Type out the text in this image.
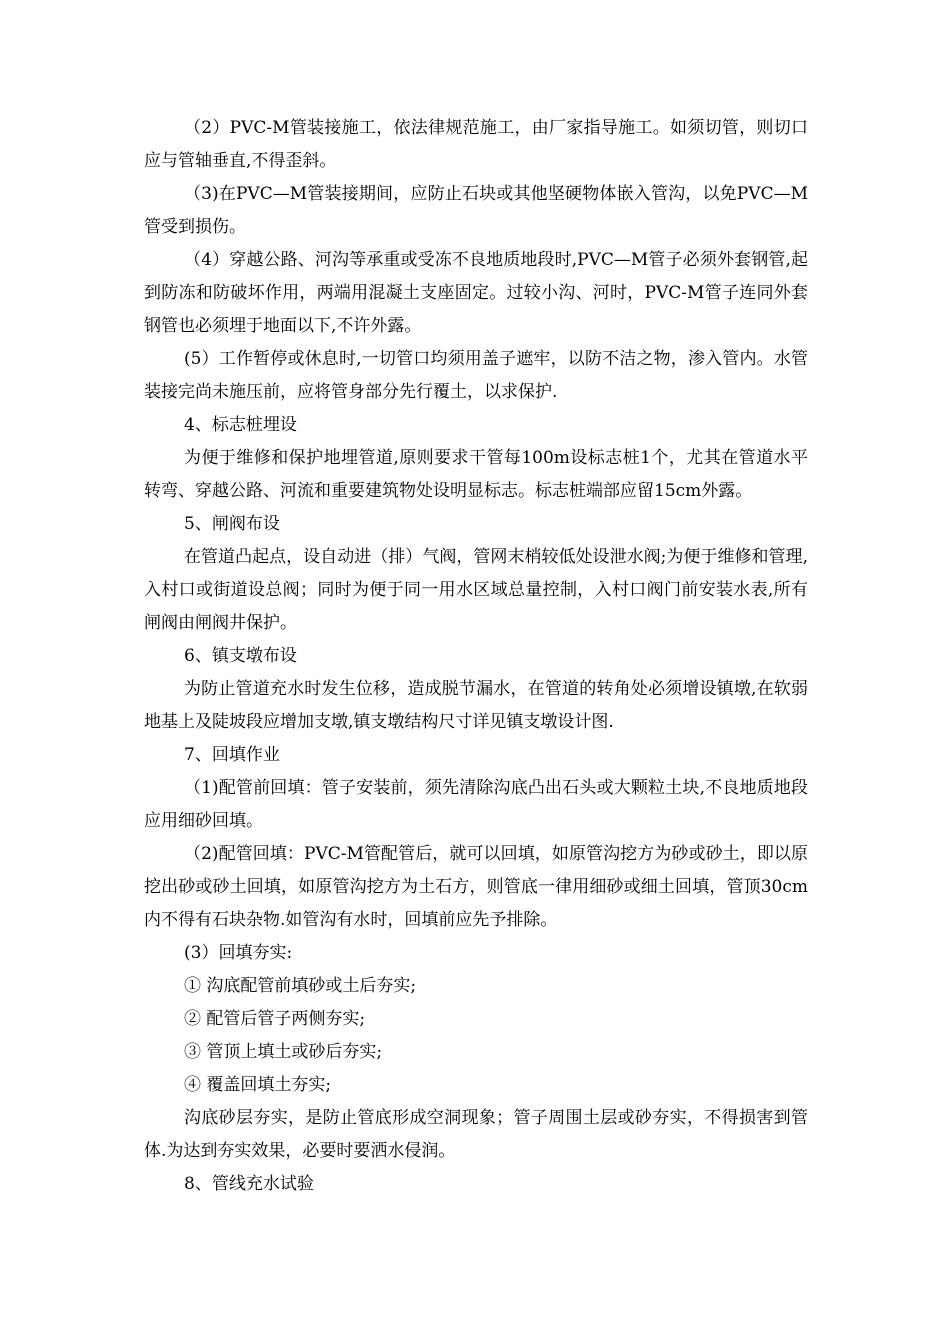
（2）PVC-M管装接施工，依法律规范施工，由厂家指导施工。如须切管，则切口应与管轴垂直,不得歪斜。

（3)在PVC—M管装接期间，应防止石块或其他坚硬物体嵌入管沟，以免PVC—M管受到损伤。

（4）穿越公路、河沟等承重或受冻不良地质地段时,PVC—M管子必须外套钢管,起到防冻和防破坏作用，两端用混凝土支座固定。过较小沟、河时，PVC-M管子连同外套钢管也必须埋于地面以下,不许外露。

(5）工作暂停或休息时,一切管口均须用盖子遮牢，以防不洁之物，渗入管内。水管装接完尚未施压前，应将管身部分先行覆土，以求保护.

4、标志桩埋设

为便于维修和保护地埋管道,原则要求干管每100m设标志桩1个，尤其在管道水平转弯、穿越公路、河流和重要建筑物处设明显标志。标志桩端部应留15cm外露。

5、闸阀布设

在管道凸起点，设自动进（排）气阀，管网末梢较低处设泄水阀;为便于维修和管理,入村口或街道设总阀；同时为便于同一用水区域总量控制，入村口阀门前安装水表,所有闸阀由闸阀井保护。

6、镇支墩布设

为防止管道充水时发生位移，造成脱节漏水，在管道的转角处必须增设镇墩,在软弱地基上及陡坡段应增加支墩,镇支墩结构尺寸详见镇支墩设计图.

7、回填作业

（1)配管前回填：管子安装前，须先清除沟底凸出石头或大颗粒土块,不良地质地段应用细砂回填。

（2)配管回填：PVC-M管配管后，就可以回填，如原管沟挖方为砂或砂土，即以原挖出砂或砂土回填，如原管沟挖方为土石方，则管底一律用细砂或细土回填，管顶30cm内不得有石块杂物.如管沟有水时，回填前应先予排除。

(3）回填夯实:

① 沟底配管前填砂或土后夯实;

② 配管后管子两侧夯实;

③ 管顶上填土或砂后夯实;

④ 覆盖回填土夯实;

沟底砂层夯实，是防止管底形成空洞现象；管子周围土层或砂夯实，不得损害到管体.为达到夯实效果，必要时要洒水侵润。

8、管线充水试验
